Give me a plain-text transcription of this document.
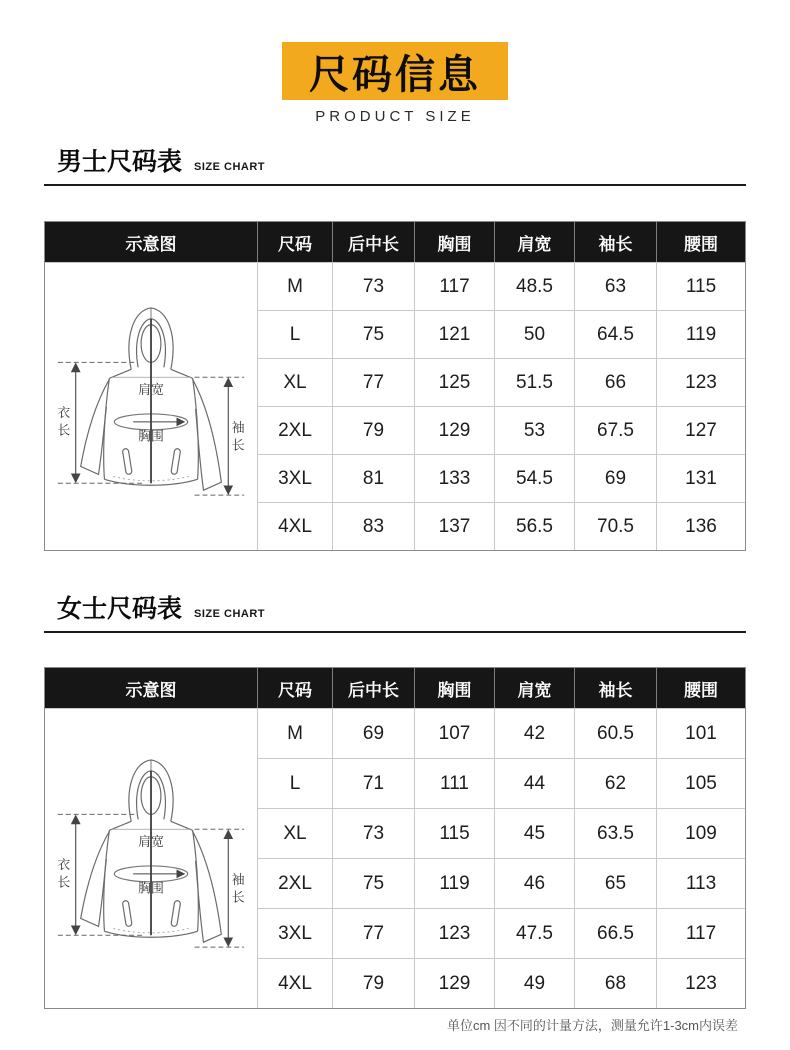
尺码信息
PRODUCT SIZE
男士尺码表 SIZE CHART
示意图	尺码	后中长	胸围	肩宽	袖长	腰围
衣
长
肩宽
胸围
袖
长
M	73	117	48.5	63	115
L	75	121	50	64.5	119
XL	77	125	51.5	66	123
2XL	79	129	53	67.5	127
3XL	81	133	54.5	69	131
4XL	83	137	56.5	70.5	136
女士尺码表 SIZE CHART
示意图	尺码	后中长	胸围	肩宽	袖长	腰围
衣
长
肩宽
胸围
袖
长
M	69	107	42	60.5	101
L	71	111	44	62	105
XL	73	115	45	63.5	109
2XL	75	119	46	65	113
3XL	77	123	47.5	66.5	117
4XL	79	129	49	68	123
单位cm 因不同的计量方法，测量允许1-3cm内误差
